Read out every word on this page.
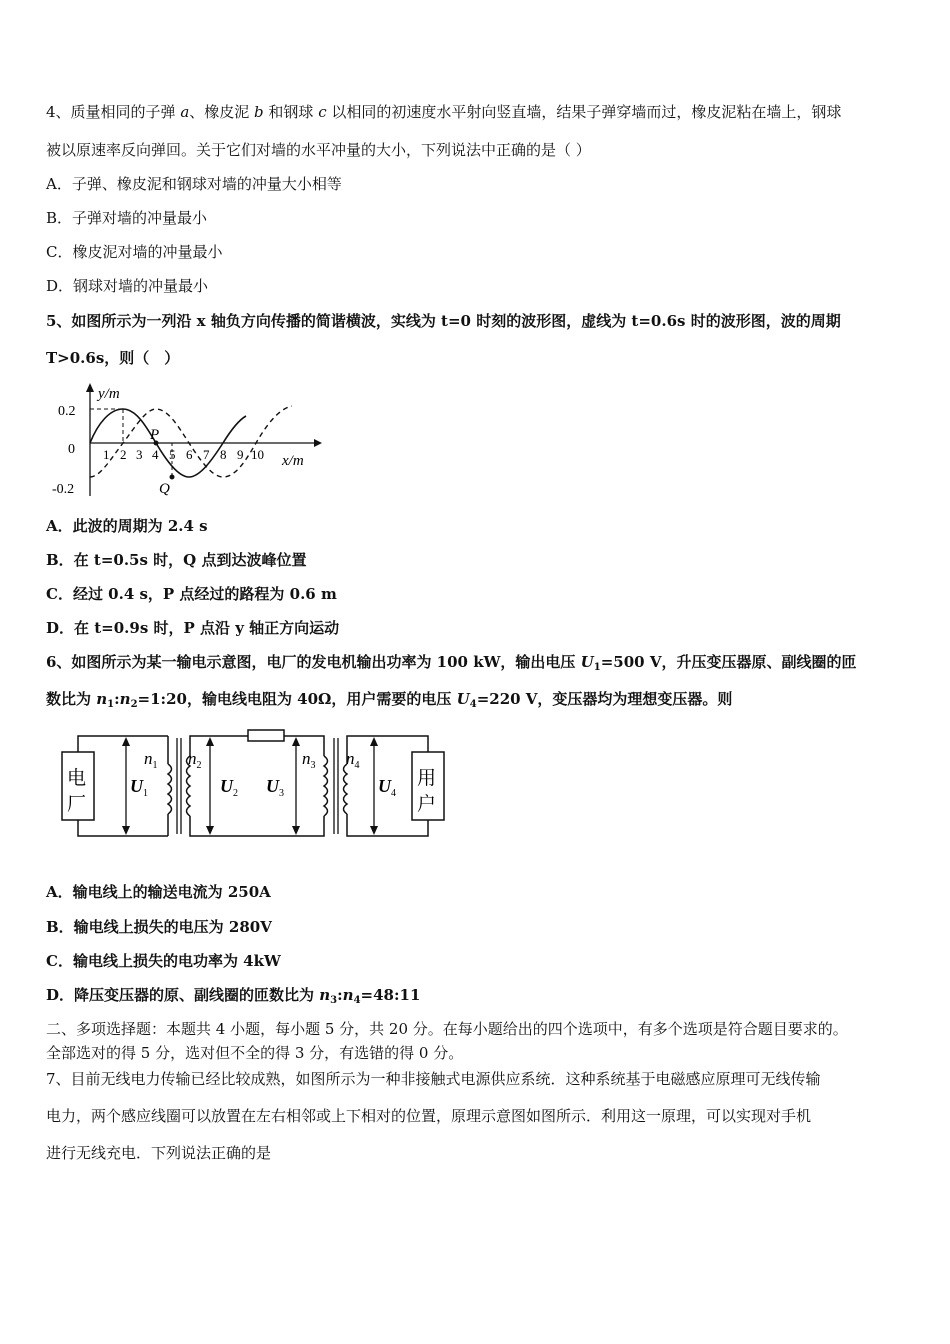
4、质量相同的子弹 a、橡皮泥 b 和钢球 c 以相同的初速度水平射向竖直墙，结果子弹穿墙而过，橡皮泥粘在墙上，钢球
被以原速率反向弹回。关于它们对墙的水平冲量的大小，下列说法中正确的是（ ）
A．子弹、橡皮泥和钢球对墙的冲量大小相等
B．子弹对墙的冲量最小
C．橡皮泥对墙的冲量最小
D．钢球对墙的冲量最小
5、如图所示为一列沿 x 轴负方向传播的简谐横波，实线为 t=0 时刻的波形图，虚线为 t=0.6s 时的波形图，波的周期
T>0.6s，则（　）
y/m
x/m
0.2
0
-0.2
P
Q
1 2 3 4 5 6 7 8 9 10
A．此波的周期为 2.4 s
B．在 t=0.5s 时，Q 点到达波峰位置
C．经过 0.4 s，P 点经过的路程为 0.6 m
D．在 t=0.9s 时，P 点沿 y 轴正方向运动
6、如图所示为某一输电示意图，电厂的发电机输出功率为 100 kW，输出电压 $U_1=500$ V，升压变压器原、副线圈的匝
数比为 $n_1:n_2=1:20$，输电线电阻为 40Ω，用户需要的电压 $U_4=220$ V，变压器均为理想变压器。则
电
厂
$U_1$
$n_1$ $n_2$
$U_2$ $U_3$
$n_3$ $n_4$
$U_4$
用
户
A．输电线上的输送电流为 250A
B．输电线上损失的电压为 280V
C．输电线上损失的电功率为 4kW
D．降压变压器的原、副线圈的匝数比为 $n_3:n_4=48:11$
二、多项选择题：本题共 4 小题，每小题 5 分，共 20 分。在每小题给出的四个选项中，有多个选项是符合题目要求的。
全部选对的得 5 分，选对但不全的得 3 分，有选错的得 0 分。
7、目前无线电力传输已经比较成熟，如图所示为一种非接触式电源供应系统．这种系统基于电磁感应原理可无线传输
电力，两个感应线圈可以放置在左右相邻或上下相对的位置，原理示意图如图所示．利用这一原理，可以实现对手机
进行无线充电．下列说法正确的是
